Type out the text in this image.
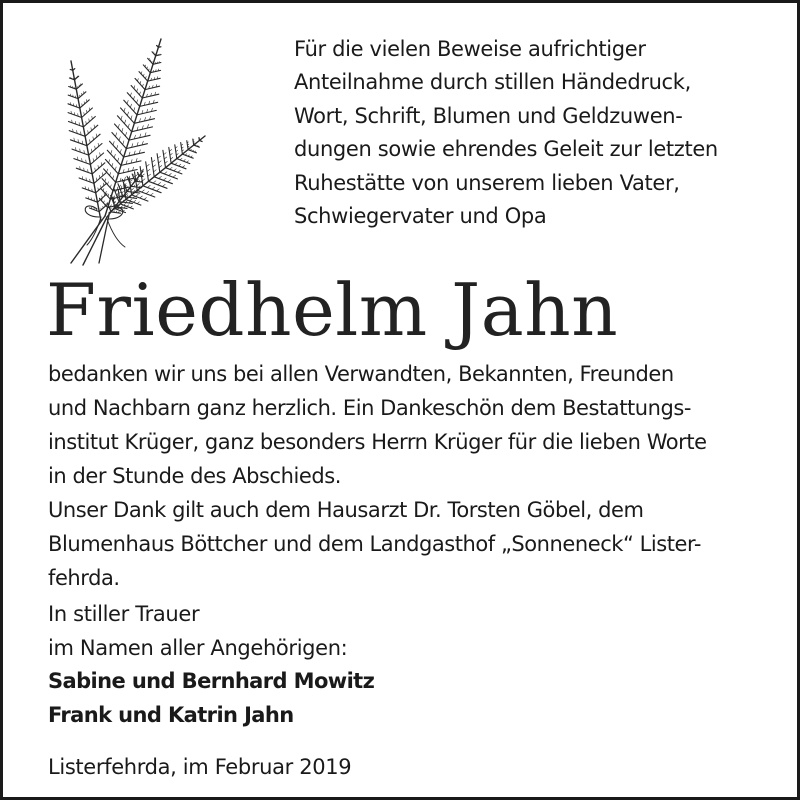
Für die vielen Beweise aufrichtiger
Anteilnahme durch stillen Händedruck,
Wort, Schrift, Blumen und Geldzuwen-
dungen sowie ehrendes Geleit zur letzten
Ruhestätte von unserem lieben Vater,
Schwiegervater und Opa
Friedhelm Jahn
bedanken wir uns bei allen Verwandten, Bekannten, Freunden
und Nachbarn ganz herzlich. Ein Dankeschön dem Bestattungs-
institut Krüger, ganz besonders Herrn Krüger für die lieben Worte
in der Stunde des Abschieds.
Unser Dank gilt auch dem Hausarzt Dr. Torsten Göbel, dem
Blumenhaus Böttcher und dem Landgasthof „Sonneneck“ Lister-
fehrda.
In stiller Trauer
im Namen aller Angehörigen:
Sabine und Bernhard Mowitz
Frank und Katrin Jahn
Listerfehrda, im Februar 2019
